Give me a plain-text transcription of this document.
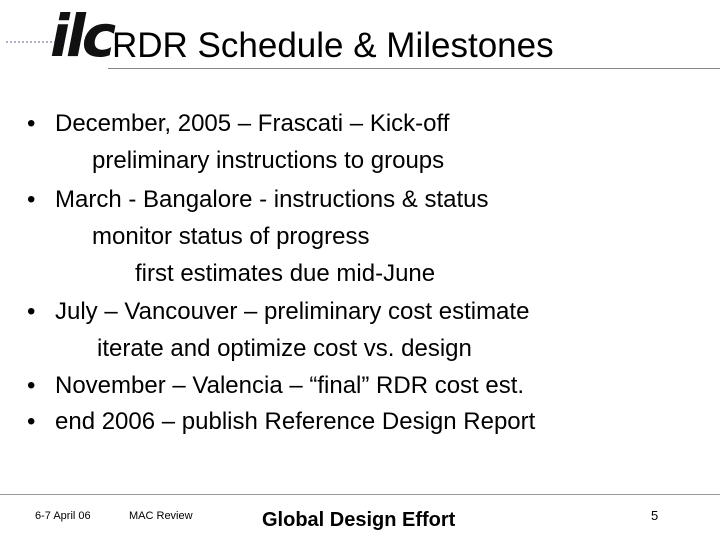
ilc RDR Schedule & Milestones
• December, 2005 – Frascati – Kick-off
preliminary instructions to groups
• March - Bangalore - instructions & status
monitor status of progress
first estimates due mid-June
• July – Vancouver – preliminary cost estimate
iterate and optimize cost vs. design
• November – Valencia – “final” RDR cost est.
• end 2006 – publish Reference Design Report
6-7 April 06	MAC Review	Global Design Effort	5
